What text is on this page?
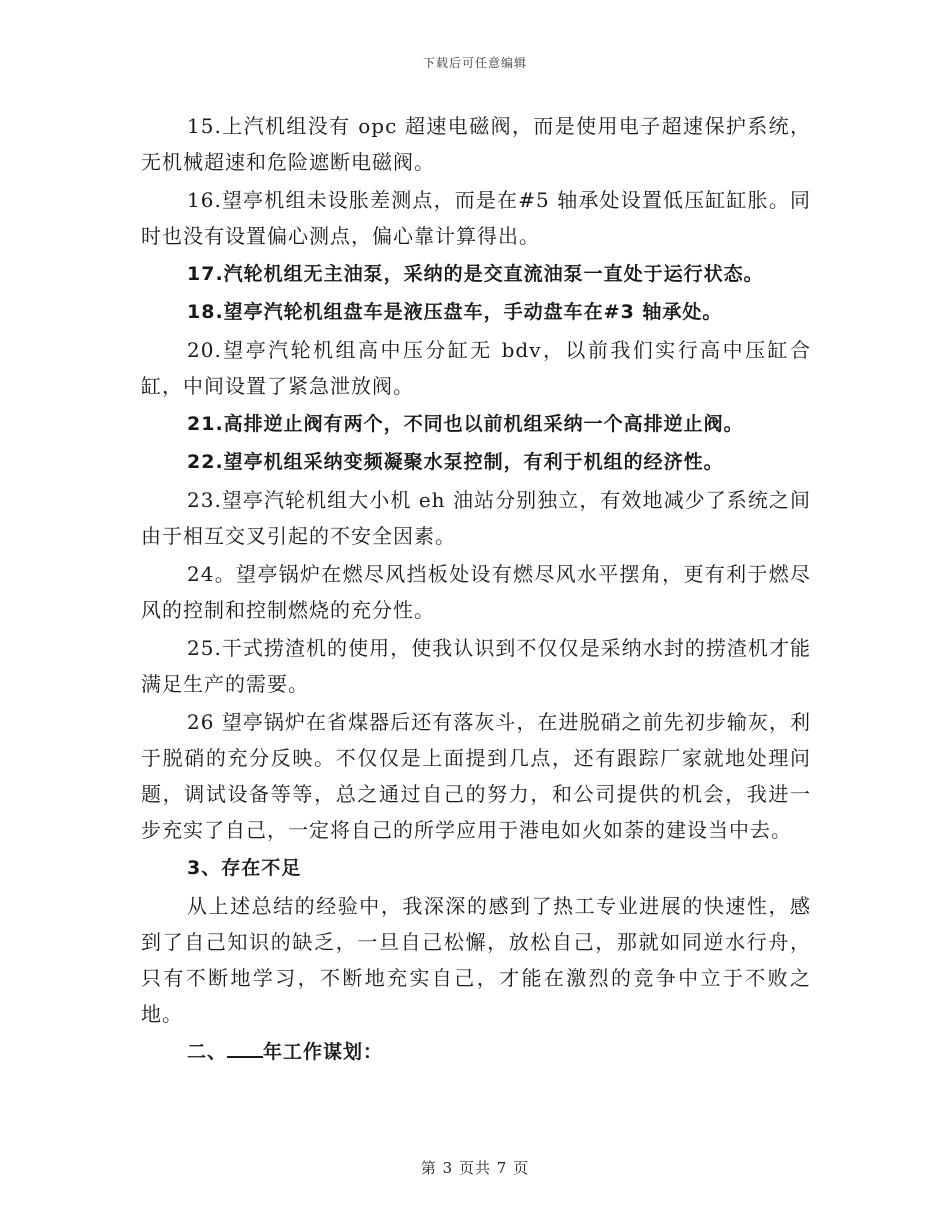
下载后可任意编辑

15.上汽机组没有 opc 超速电磁阀，而是使用电子超速保护系统，无机械超速和危险遮断电磁阀。

16.望亭机组未设胀差测点，而是在#5 轴承处设置低压缸缸胀。同时也没有设置偏心测点，偏心靠计算得出。

17.汽轮机组无主油泵，采纳的是交直流油泵一直处于运行状态。

18.望亭汽轮机组盘车是液压盘车，手动盘车在#3 轴承处。

20.望亭汽轮机组高中压分缸无 bdv，以前我们实行高中压缸合缸，中间设置了紧急泄放阀。

21.高排逆止阀有两个，不同也以前机组采纳一个高排逆止阀。

22.望亭机组采纳变频凝聚水泵控制，有利于机组的经济性。

23.望亭汽轮机组大小机 eh 油站分别独立，有效地减少了系统之间由于相互交叉引起的不安全因素。

24。望亭锅炉在燃尽风挡板处设有燃尽风水平摆角，更有利于燃尽风的控制和控制燃烧的充分性。

25.干式捞渣机的使用，使我认识到不仅仅是采纳水封的捞渣机才能满足生产的需要。

26 望亭锅炉在省煤器后还有落灰斗，在进脱硝之前先初步输灰，利于脱硝的充分反映。不仅仅是上面提到几点，还有跟踪厂家就地处理问题，调试设备等等，总之通过自己的努力，和公司提供的机会，我进一步充实了自己，一定将自己的所学应用于港电如火如荼的建设当中去。

3、存在不足

从上述总结的经验中，我深深的感到了热工专业进展的快速性，感到了自己知识的缺乏，一旦自己松懈，放松自己，那就如同逆水行舟，只有不断地学习，不断地充实自己，才能在激烈的竞争中立于不败之地。

二、 年工作谋划：

第 3 页共 7 页
